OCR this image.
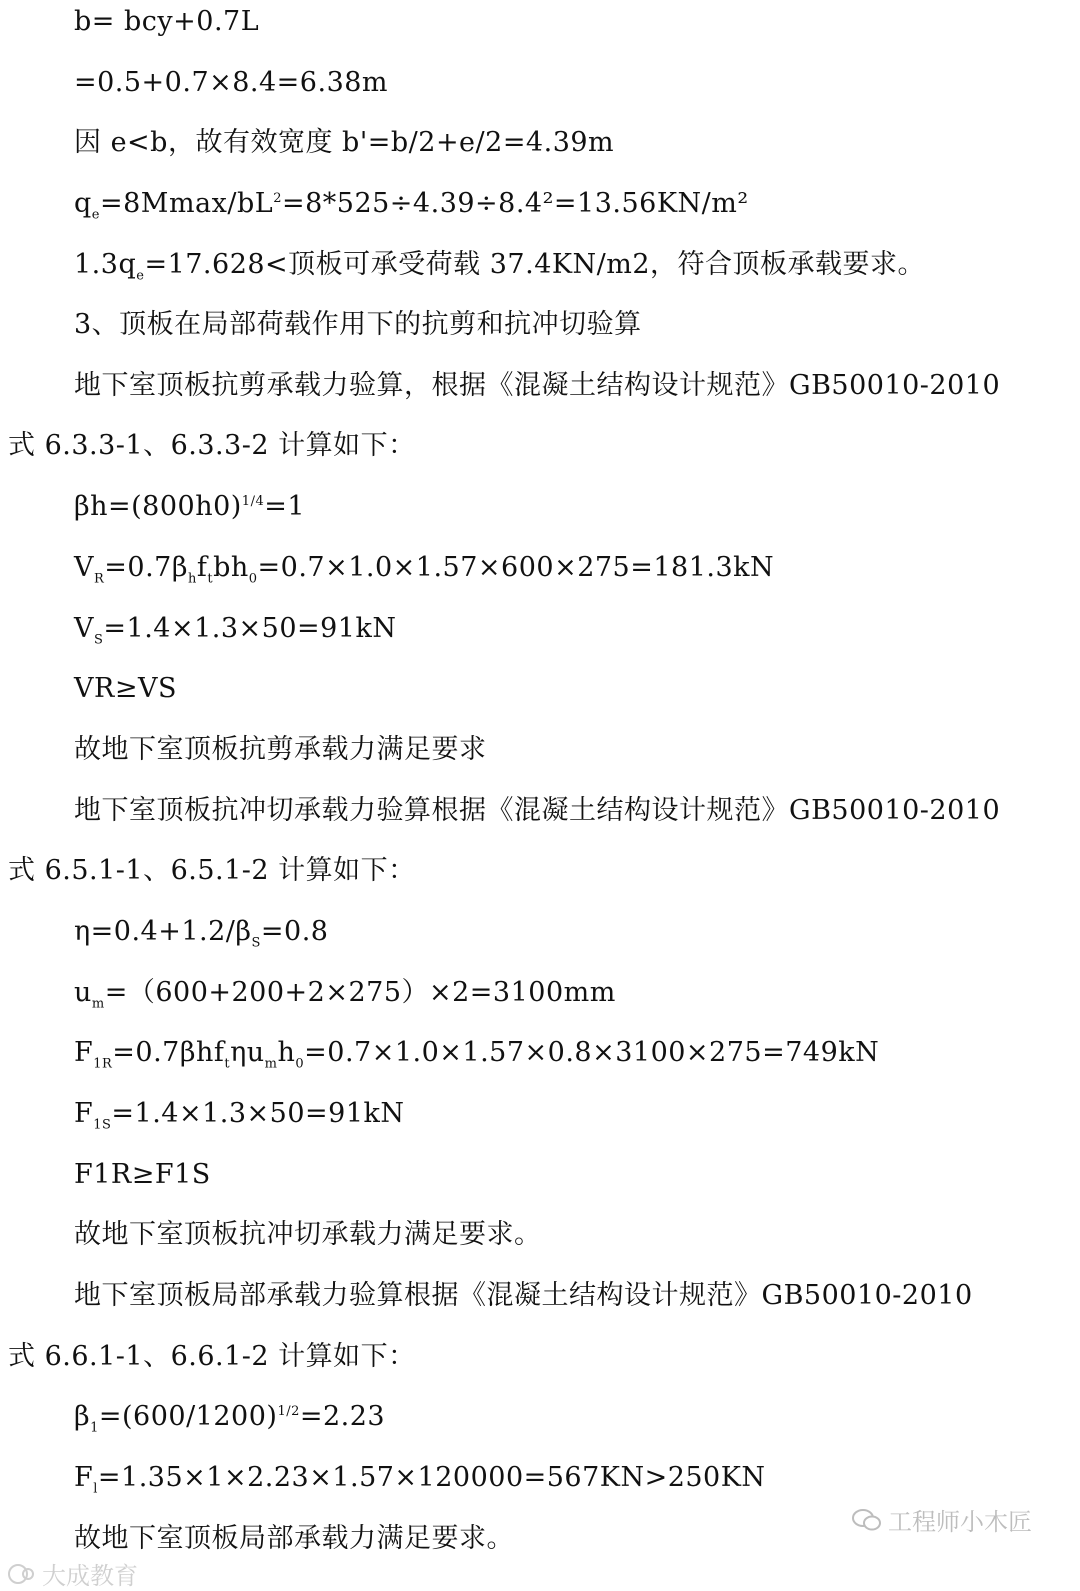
b= bcy+0.7L
=0.5+0.7×8.4=6.38m
因 e<b，故有效宽度 b'=b/2+e/2=4.39m
$q_e=8Mmax/bL^2=8*525\div 4.39\div 8.4^2=13.56KN/m^2$
$1.3q_e=17.628<$顶板可承受荷载 37.4KN/m2，符合顶板承载要求。
3、顶板在局部荷载作用下的抗剪和抗冲切验算
地下室顶板抗剪承载力验算，根据《混凝土结构设计规范》GB50010-2010
式 6.3.3-1、6.3.3-2 计算如下：
$\beta h=(800h0)^{1/4}=1$
$V_R=0.7\beta_hf_tbh_0=0.7\times 1.0\times 1.57\times 600\times 275=181.3kN$
$V_S=1.4\times 1.3\times 50=91kN$
VR≥VS
故地下室顶板抗剪承载力满足要求
地下室顶板抗冲切承载力验算根据《混凝土结构设计规范》GB50010-2010
式 6.5.1-1、6.5.1-2 计算如下：
$\eta=0.4+1.2/\beta_S=0.8$
$u_m=(600+200+2\times 275)\times 2=3100mm$
$F_{1R}=0.7\beta hf_t\eta u_mh_0=0.7\times 1.0\times 1.57\times 0.8\times 3100\times 275=749kN$
$F_{1S}=1.4\times 1.3\times 50=91kN$
F1R≥F1S
故地下室顶板抗冲切承载力满足要求。
地下室顶板局部承载力验算根据《混凝土结构设计规范》GB50010-2010
式 6.6.1-1、6.6.1-2 计算如下：
$\beta_1=(600/1200)^{1/2}=2.23$
$F_l=1.35\times 1\times 2.23\times 1.57\times 120000=567KN>250KN$
故地下室顶板局部承载力满足要求。
工程师小木匠
大成教育
